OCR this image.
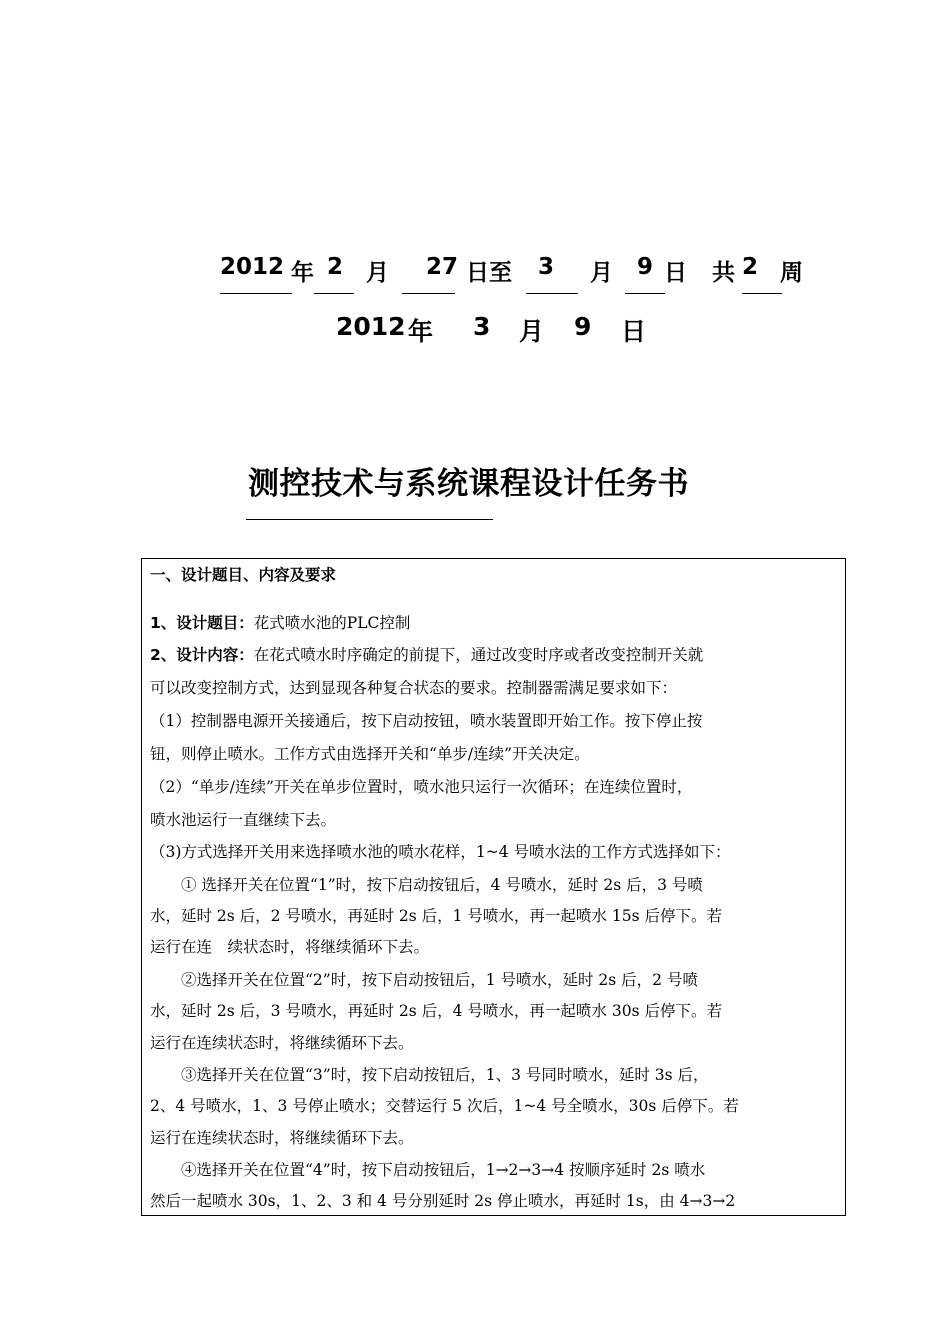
2012 年 2 月 27 日至 3 月 9 日 共 2 周
2012 年 3 月 9 日
测控技术与系统课程设计任务书
一、设计题目、内容及要求
1、设计题目：花式喷水池的PLC控制
2、设计内容：在花式喷水时序确定的前提下，通过改变时序或者改变控制开关就
可以改变控制方式，达到显现各种复合状态的要求。控制器需满足要求如下：
（1）控制器电源开关接通后，按下启动按钮，喷水装置即开始工作。按下停止按
钮，则停止喷水。工作方式由选择开关和“单步/连续”开关决定。
（2）“单步/连续”开关在单步位置时，喷水池只运行一次循环；在连续位置时，
喷水池运行一直继续下去。
（3)方式选择开关用来选择喷水池的喷水花样，1~4 号喷水法的工作方式选择如下：
　　① 选择开关在位置“1”时，按下启动按钮后，4 号喷水，延时 2s 后，3 号喷
水，延时 2s 后，2 号喷水，再延时 2s 后，1 号喷水，再一起喷水 15s 后停下。若
运行在连　续状态时，将继续循环下去。
　　②选择开关在位置“2”时，按下启动按钮后，1 号喷水，延时 2s 后，2 号喷
水，延时 2s 后，3 号喷水，再延时 2s 后，4 号喷水，再一起喷水 30s 后停下。若
运行在连续状态时，将继续循环下去。
　　③选择开关在位置“3”时，按下启动按钮后，1、3 号同时喷水，延时 3s 后，
2、4 号喷水，1、3 号停止喷水；交替运行 5 次后，1~4 号全喷水，30s 后停下。若
运行在连续状态时，将继续循环下去。
　　④选择开关在位置“4”时，按下启动按钮后，1→2→3→4 按顺序延时 2s 喷水
然后一起喷水 30s，1、2、3 和 4 号分别延时 2s 停止喷水，再延时 1s，由 4→3→2
